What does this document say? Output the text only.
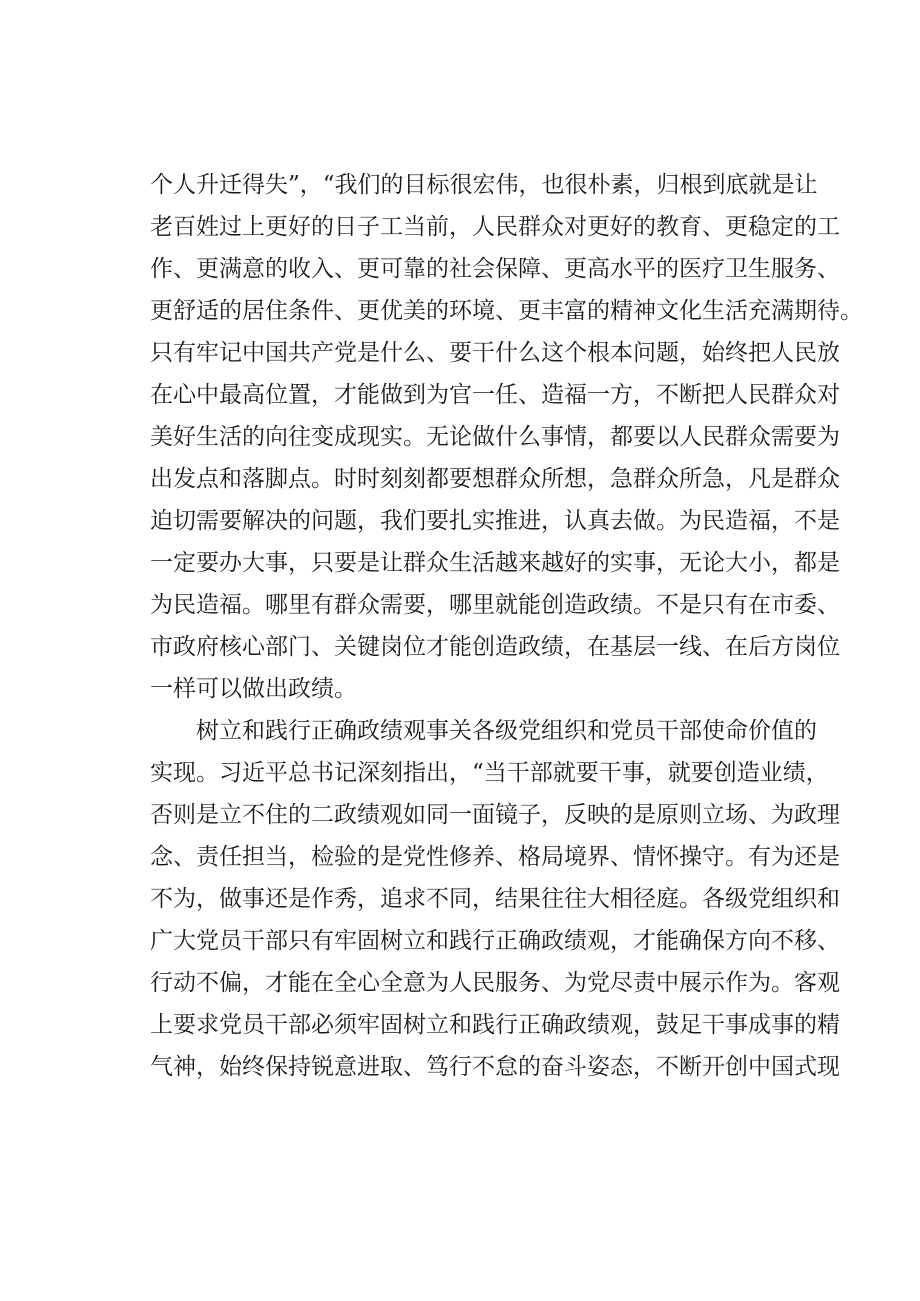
个人升迁得失”，“我们的目标很宏伟，也很朴素，归根到底就是让
老百姓过上更好的日子工当前，人民群众对更好的教育、更稳定的工
作、更满意的收入、更可靠的社会保障、更高水平的医疗卫生服务、
更舒适的居住条件、更优美的环境、更丰富的精神文化生活充满期待。
只有牢记中国共产党是什么、要干什么这个根本问题，始终把人民放
在心中最高位置，才能做到为官一任、造福一方，不断把人民群众对
美好生活的向往变成现实。无论做什么事情，都要以人民群众需要为
出发点和落脚点。时时刻刻都要想群众所想，急群众所急，凡是群众
迫切需要解决的问题，我们要扎实推进，认真去做。为民造福，不是
一定要办大事，只要是让群众生活越来越好的实事，无论大小，都是
为民造福。哪里有群众需要，哪里就能创造政绩。不是只有在市委、
市政府核心部门、关键岗位才能创造政绩，在基层一线、在后方岗位
一样可以做出政绩。
树立和践行正确政绩观事关各级党组织和党员干部使命价值的
实现。习近平总书记深刻指出，“当干部就要干事，就要创造业绩，
否则是立不住的二政绩观如同一面镜子，反映的是原则立场、为政理
念、责任担当，检验的是党性修养、格局境界、情怀操守。有为还是
不为，做事还是作秀，追求不同，结果往往大相径庭。各级党组织和
广大党员干部只有牢固树立和践行正确政绩观，才能确保方向不移、
行动不偏，才能在全心全意为人民服务、为党尽责中展示作为。客观
上要求党员干部必须牢固树立和践行正确政绩观，鼓足干事成事的精
气神，始终保持锐意进取、笃行不怠的奋斗姿态，不断开创中国式现
